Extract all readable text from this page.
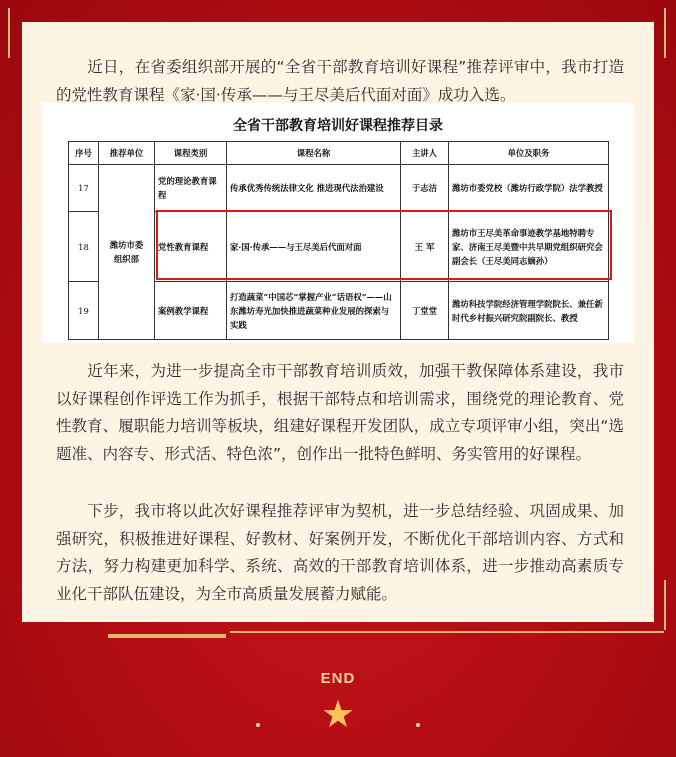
近日，在省委组织部开展的“全省干部教育培训好课程”推荐评审中，我市打造的党性教育课程《家·国·传承——与王尽美后代面对面》成功入选。

全省干部教育培训好课程推荐目录
序号	推荐单位	课程类别	课程名称	主讲人	单位及职务
17	潍坊市委组织部	党的理论教育课程	传承优秀传统法律文化 推进现代法治建设	于志洁	潍坊市委党校（潍坊行政学院）法学教授
18		党性教育课程	家·国·传承——与王尽美后代面对面	王 军	潍坊市王尽美革命事迹教学基地特聘专家、济南王尽美暨中共早期党组织研究会副会长（王尽美同志嫡孙）
19		案例教学课程	打造蔬菜“中国芯”掌握产业“话语权”——山东潍坊寿光加快推进蔬菜种业发展的探索与实践	丁堂堂	潍坊科技学院经济管理学院院长、兼任新时代乡村振兴研究院副院长、教授

近年来，为进一步提高全市干部教育培训质效，加强干教保障体系建设，我市以好课程创作评选工作为抓手，根据干部特点和培训需求，围绕党的理论教育、党性教育、履职能力培训等板块，组建好课程开发团队，成立专项评审小组，突出“选题准、内容专、形式活、特色浓”，创作出一批特色鲜明、务实管用的好课程。

下步，我市将以此次好课程推荐评审为契机，进一步总结经验、巩固成果、加强研究，积极推进好课程、好教材、好案例开发，不断优化干部培训内容、方式和方法，努力构建更加科学、系统、高效的干部教育培训体系，进一步推动高素质专业化干部队伍建设，为全市高质量发展蓄力赋能。

END
★
